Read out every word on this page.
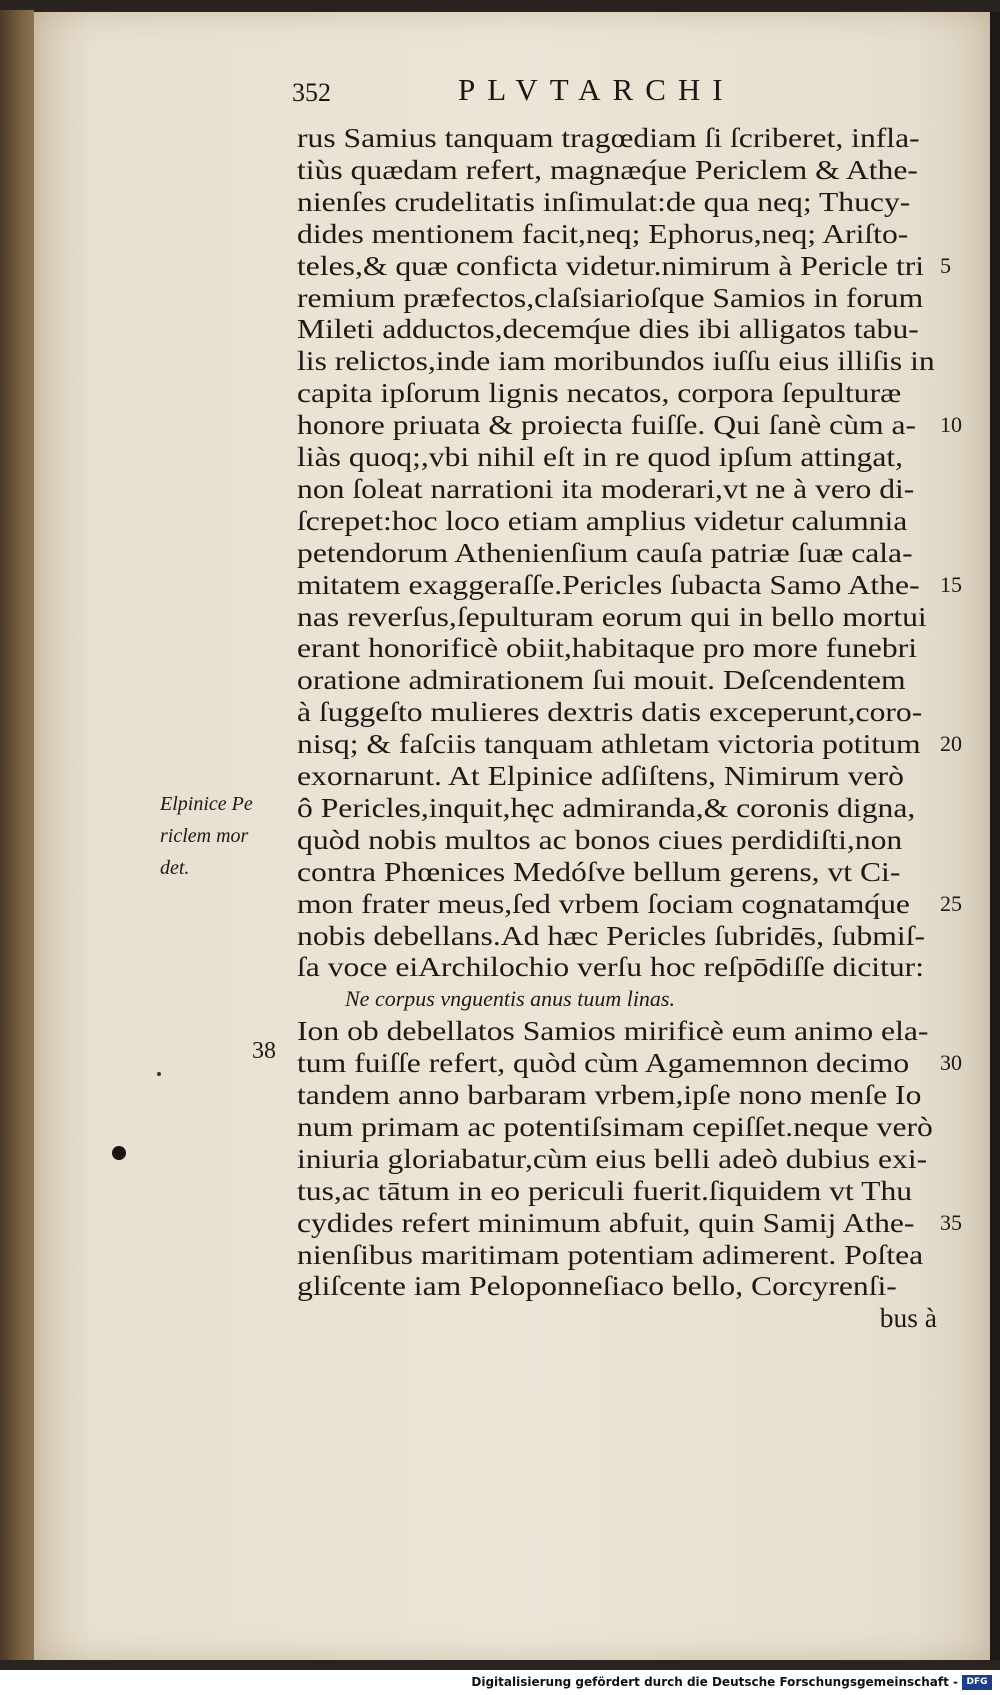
352	PLVTARCHI
rus Samius tanquam tragœdiam ſi ſcriberet, infla-
tiùs quædam refert, magnæq́ue Periclem & Athe-
nienſes crudelitatis inſimulat:de qua neq; Thucy-
dides mentionem facit,neq; Ephorus,neq; Ariſto-
teles,& quæ conficta videtur.nimirum à Pericle tri
remium præfectos,claſsiarioſque Samios in forum
Mileti adductos,decemq́ue dies ibi alligatos tabu-
lis relictos,inde iam moribundos iuſſu eius illiſis in
capita ipſorum lignis necatos, corpora ſepulturæ
honore priuata & proiecta fuiſſe. Qui ſanè cùm a-
liàs quoq;,vbi nihil eſt in re quod ipſum attingat,
non ſoleat narrationi ita moderari,vt ne à vero di-
ſcrepet:hoc loco etiam amplius videtur calumnia
petendorum Athenienſium cauſa patriæ ſuæ cala-
mitatem exaggeraſſe.Pericles ſubacta Samo Athe-
nas reverſus,ſepulturam eorum qui in bello mortui
erant honorificè obiit,habitaque pro more funebri
oratione admirationem ſui mouit. Deſcendentem
à ſuggeſto mulieres dextris datis exceperunt,coro-
nisq; & faſciis tanquam athletam victoria potitum
exornarunt. At Elpinice adſiſtens, Nimirum verò
ô Pericles,inquit,hęc admiranda,& coronis digna,
quòd nobis multos ac bonos ciues perdidiſti,non
contra Phœnices Medóſve bellum gerens, vt Ci-
mon frater meus,ſed vrbem ſociam cognatamq́ue
nobis debellans.Ad hæc Pericles ſubridēs, ſubmiſ-
ſa voce eiArchilochio verſu hoc reſpōdiſſe dicitur:
Ne corpus vnguentis anus tuum linas.
Ion ob debellatos Samios mirificè eum animo ela-
tum fuiſſe refert, quòd cùm Agamemnon decimo
tandem anno barbaram vrbem,ipſe nono menſe Io
num primam ac potentiſsimam cepiſſet.neque verò
iniuria gloriabatur,cùm eius belli adeò dubius exi-
tus,ac tātum in eo periculi fuerit.ſiquidem vt Thu
cydides refert minimum abfuit, quin Samij Athe-
nienſibus maritimam potentiam adimerent. Poſtea
gliſcente iam Peloponneſiaco bello, Corcyrenſi-
bus à
5
10
15
20
25
30
35
Elpinice Pe
riclem mor
det.
38
Digitalisierung gefördert durch die Deutsche Forschungsgemeinschaft - DFG
